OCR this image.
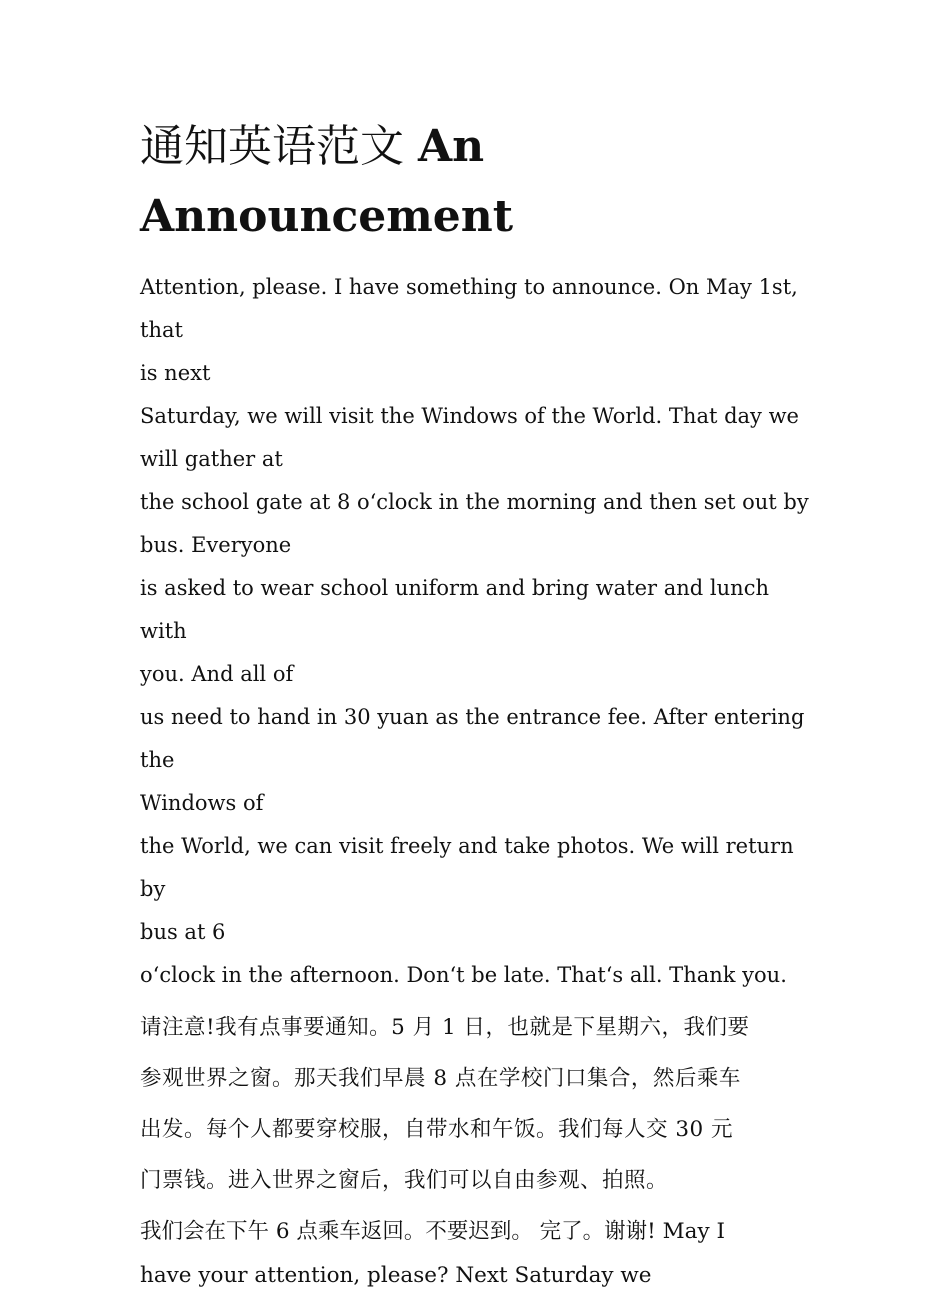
通知英语范文 An Announcement

Attention, please. I have something to announce. On May 1st, that

is next

Saturday, we will visit the Windows of the World. That day we

will gather at

the school gate at 8 o‘clock in the morning and then set out by

bus. Everyone

is asked to wear school uniform and bring water and lunch with

you. And all of

us need to hand in 30 yuan as the entrance fee. After entering the

Windows of

the World, we can visit freely and take photos. We will return by

bus at 6

o‘clock in the afternoon. Don‘t be late. That‘s all. Thank you.

请注意!我有点事要通知。5 月 1 日，也就是下星期六，我们要

参观世界之窗。那天我们早晨 8 点在学校门口集合，然后乘车

出发。每个人都要穿校服，自带水和午饭。我们每人交 30 元

门票钱。进入世界之窗后，我们可以自由参观、拍照。

我们会在下午 6 点乘车返回。不要迟到。 完了。谢谢! May I

have your attention, please? Next Saturday we
